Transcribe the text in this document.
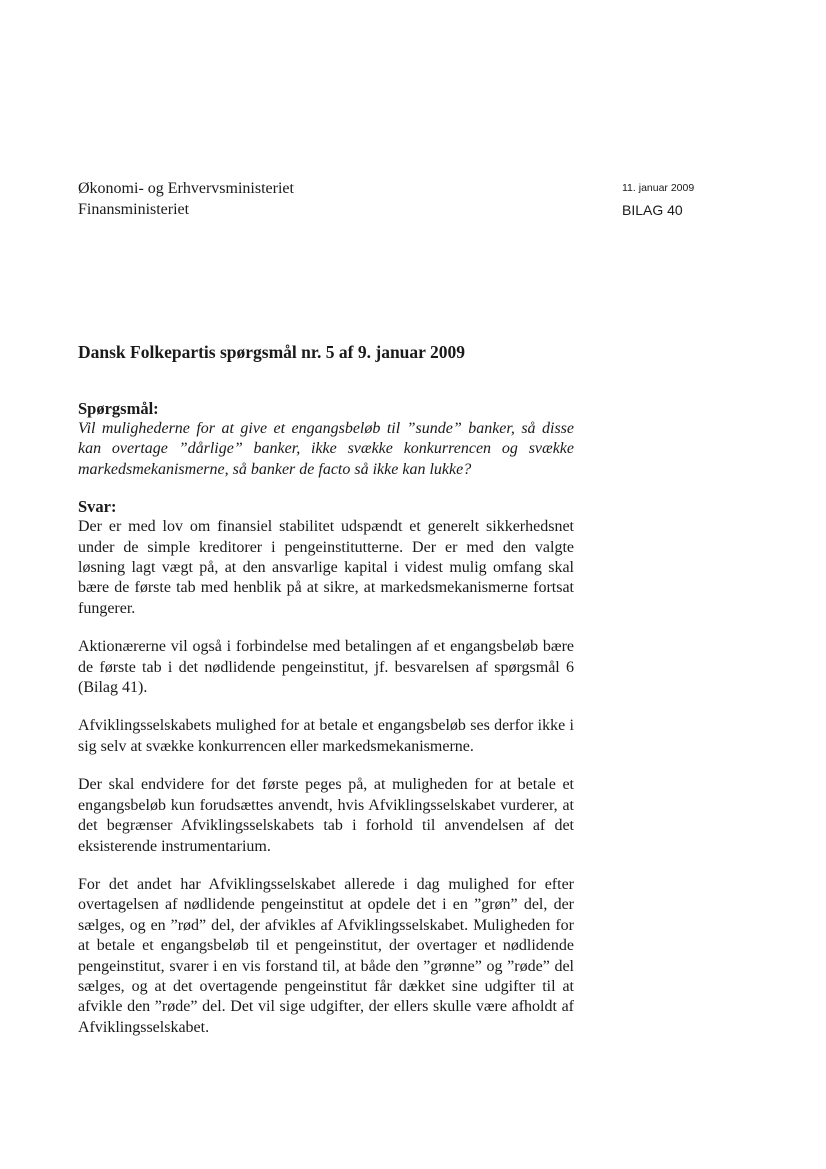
Økonomi- og Erhvervsministeriet
Finansministeriet
11. januar 2009
BILAG 40
Dansk Folkepartis spørgsmål nr. 5 af 9. januar 2009
Spørgsmål:

Vil mulighederne for at give et engangsbeløb til ”sunde” banker, så disse kan overtage ”dårlige” banker, ikke svække konkurrencen og svække markedsmekanismerne, så banker de facto så ikke kan lukke?

Svar:

Der er med lov om finansiel stabilitet udspændt et generelt sikkerhedsnet under de simple kreditorer i pengeinstitutterne. Der er med den valgte løsning lagt vægt på, at den ansvarlige kapital i videst mulig omfang skal bære de første tab med henblik på at sikre, at markedsmekanismerne fortsat fungerer.

Aktionærerne vil også i forbindelse med betalingen af et engangsbeløb bære de første tab i det nødlidende pengeinstitut, jf. besvarelsen af spørgsmål 6 (Bilag 41).

Afviklingsselskabets mulighed for at betale et engangsbeløb ses derfor ikke i sig selv at svække konkurrencen eller markedsmekanismerne.

Der skal endvidere for det første peges på, at muligheden for at betale et engangsbeløb kun forudsættes anvendt, hvis Afviklingsselskabet vurderer, at det begrænser Afviklingsselskabets tab i forhold til anvendelsen af det eksisterende instrumentarium.

For det andet har Afviklingsselskabet allerede i dag mulighed for efter overtagelsen af nødlidende pengeinstitut at opdele det i en ”grøn” del, der sælges, og en ”rød” del, der afvikles af Afviklingsselskabet. Muligheden for at betale et engangsbeløb til et pengeinstitut, der overtager et nødlidende pengeinstitut, svarer i en vis forstand til, at både den ”grønne” og ”røde” del sælges, og at det overtagende pengeinstitut får dækket sine udgifter til at afvikle den ”røde” del. Det vil sige udgifter, der ellers skulle være afholdt af Afviklingsselskabet.
